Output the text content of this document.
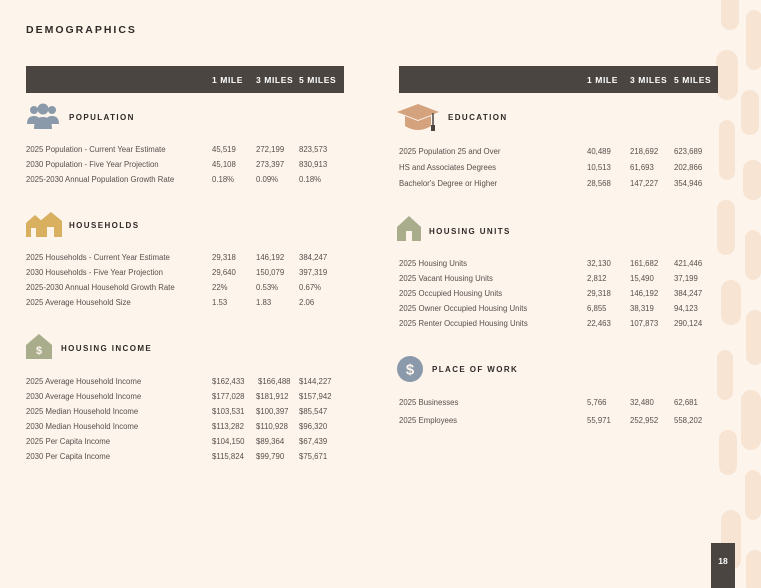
DEMOGRAPHICS
1 MILE 3 MILES 5 MILES	1 MILE 3 MILES 5 MILES
POPULATION
2025 Population - Current Year Estimate	45,519	272,199 823,573
2030 Population - Five Year Projection	45,108	273,397 830,913
2025-2030 Annual Population Growth Rate	0.18%	0.09%	0.18%
HOUSEHOLDS
2025 Households - Current Year Estimate	29,318	146,192 384,247
2030 Households - Five Year Projection	29,640	150,079 397,319
2025-2030 Annual Household Growth Rate	22%	0.53%	0.67%
2025 Average Household Size	1.53	1.83	2.06
$ HOUSING INCOME
2025 Average Household Income	$162,433 $166,488 $144,227
2030 Average Household Income	$177,028 $181,912 $157,942
2025 Median Household Income	$103,531 $100,397 $85,547
2030 Median Household Income	$113,282 $110,928 $96,320
2025 Per Capita Income	$104,150 $89,364 $67,439
2030 Per Capita Income	$115,824 $99,790 $75,671
EDUCATION
2025 Population 25 and Over	40,489 218,692 623,689
HS and Associates Degrees	10,513 61,693	202,866
Bachelor's Degree or Higher	28,568 147,227 354,946
HOUSING UNITS
2025 Housing Units	32,130 161,682 421,446
2025 Vacant Housing Units	2,812	15,490	37,199
2025 Occupied Housing Units	29,318 146,192 384,247
2025 Owner Occupied Housing Units	6,855	38,319	94,123
2025 Renter Occupied Housing Units	22,463 107,873 290,124
$ PLACE OF WORK
2025 Businesses	5,766	32,480	62,681
2025 Employees	55,971 252,952 558,202
18
